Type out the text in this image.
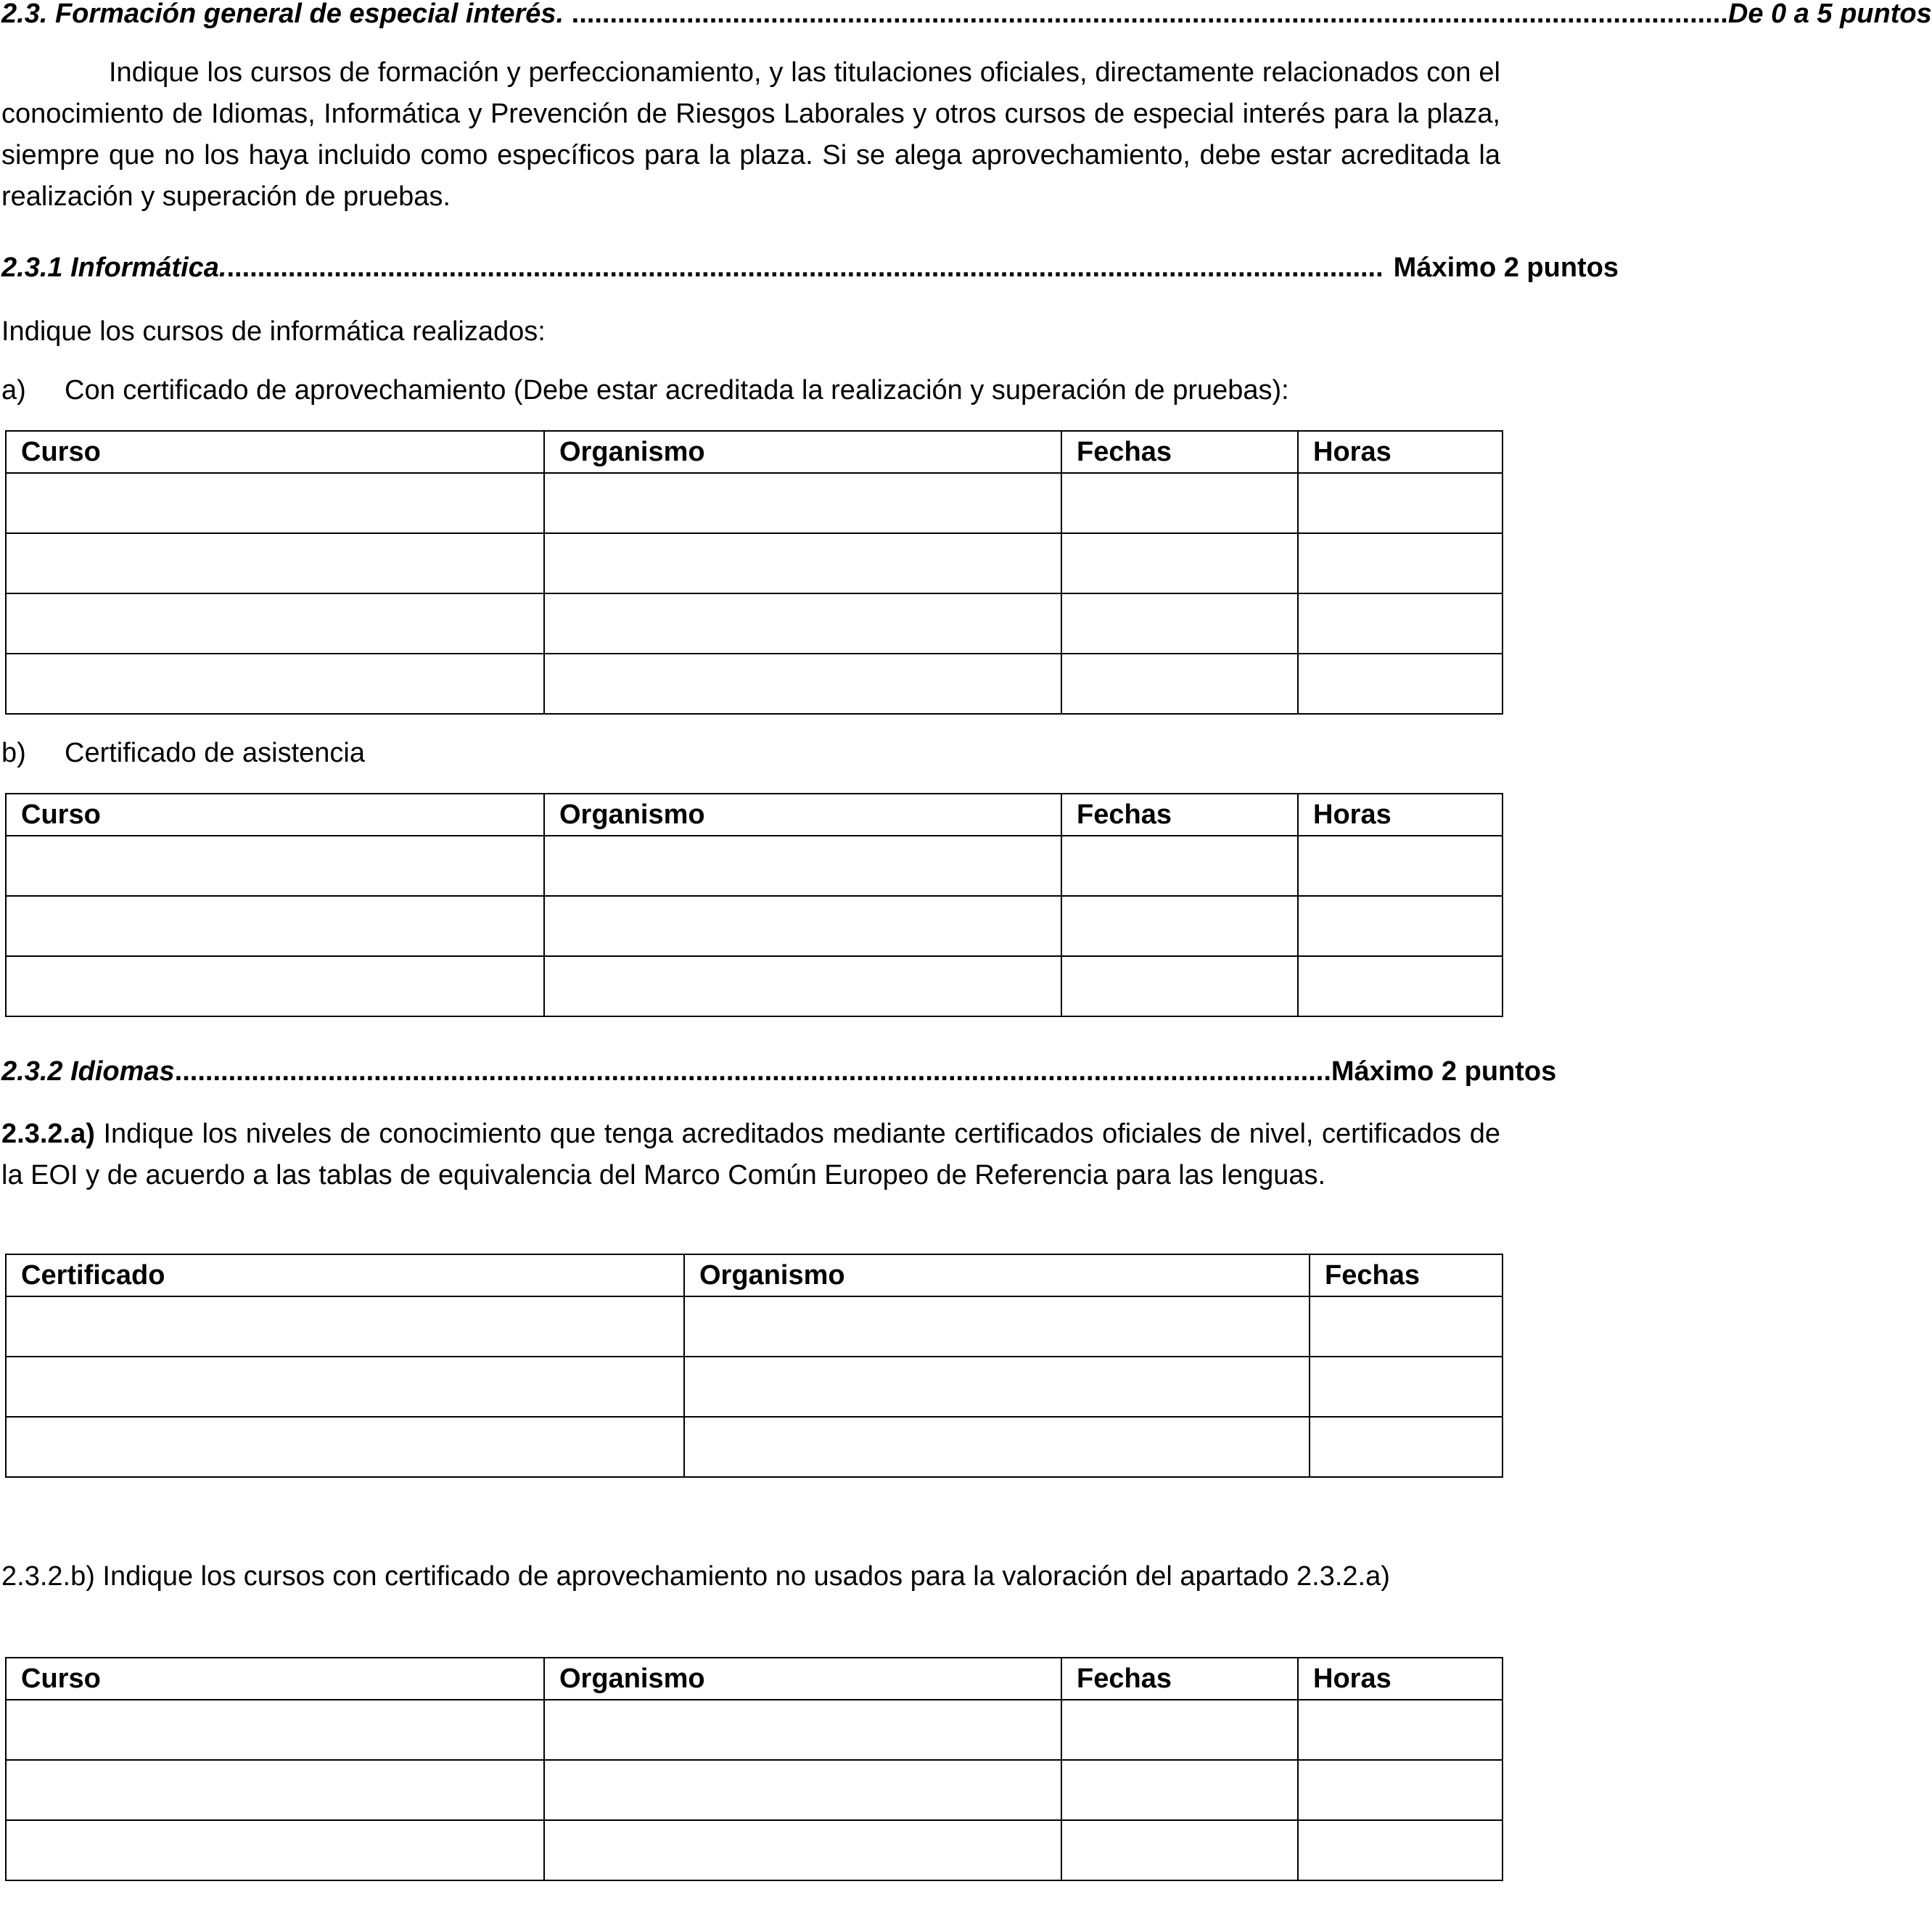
2.3. Formación general de especial interés. ....................................................................................................................................................... De 0 a 5 puntos
Indique los cursos de formación y perfeccionamiento, y las titulaciones oficiales, directamente relacionados con el conocimiento de Idiomas, Informática y Prevención de Riesgos Laborales y otros cursos de especial interés para la plaza, siempre que no los haya incluido como específicos para la plaza. Si se alega aprovechamiento, debe estar acreditada la realización y superación de pruebas.
2.3.1 Informática. ....................................................................................................................................................... Máximo 2 puntos
Indique los cursos de informática realizados:
a) Con certificado de aprovechamiento (Debe estar acreditada la realización y superación de pruebas):
Curso	Organismo	Fechas	Horas

b) Certificado de asistencia
Curso	Organismo	Fechas	Horas

2.3.2 Idiomas ....................................................................................................................................................... Máximo 2 puntos
2.3.2.a) Indique los niveles de conocimiento que tenga acreditados mediante certificados oficiales de nivel, certificados de la EOI y de acuerdo a las tablas de equivalencia del Marco Común Europeo de Referencia para las lenguas.
Certificado	Organismo	Fechas

2.3.2.b) Indique los cursos con certificado de aprovechamiento no usados para la valoración del apartado 2.3.2.a)
Curso	Organismo	Fechas	Horas
